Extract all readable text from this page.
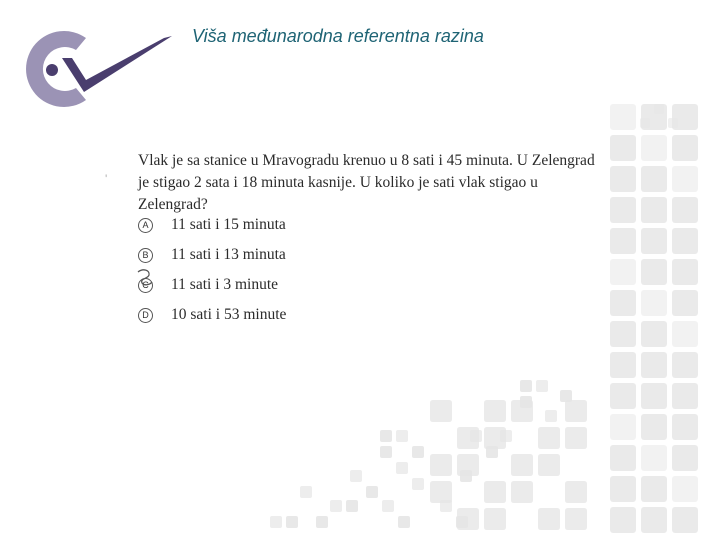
Viša međunarodna referentna razina
'
Vlak je sa stanice u Mravogradu krenuo u 8 sati i 45 minuta. U Zelengrad je stigao 2 sata i 18 minuta kasnije. U koliko je sati vlak stigao u Zelengrad?
A 11 sati i 15 minuta
B 11 sati i 13 minuta
C 11 sati i 3 minute
D 10 sati i 53 minute
